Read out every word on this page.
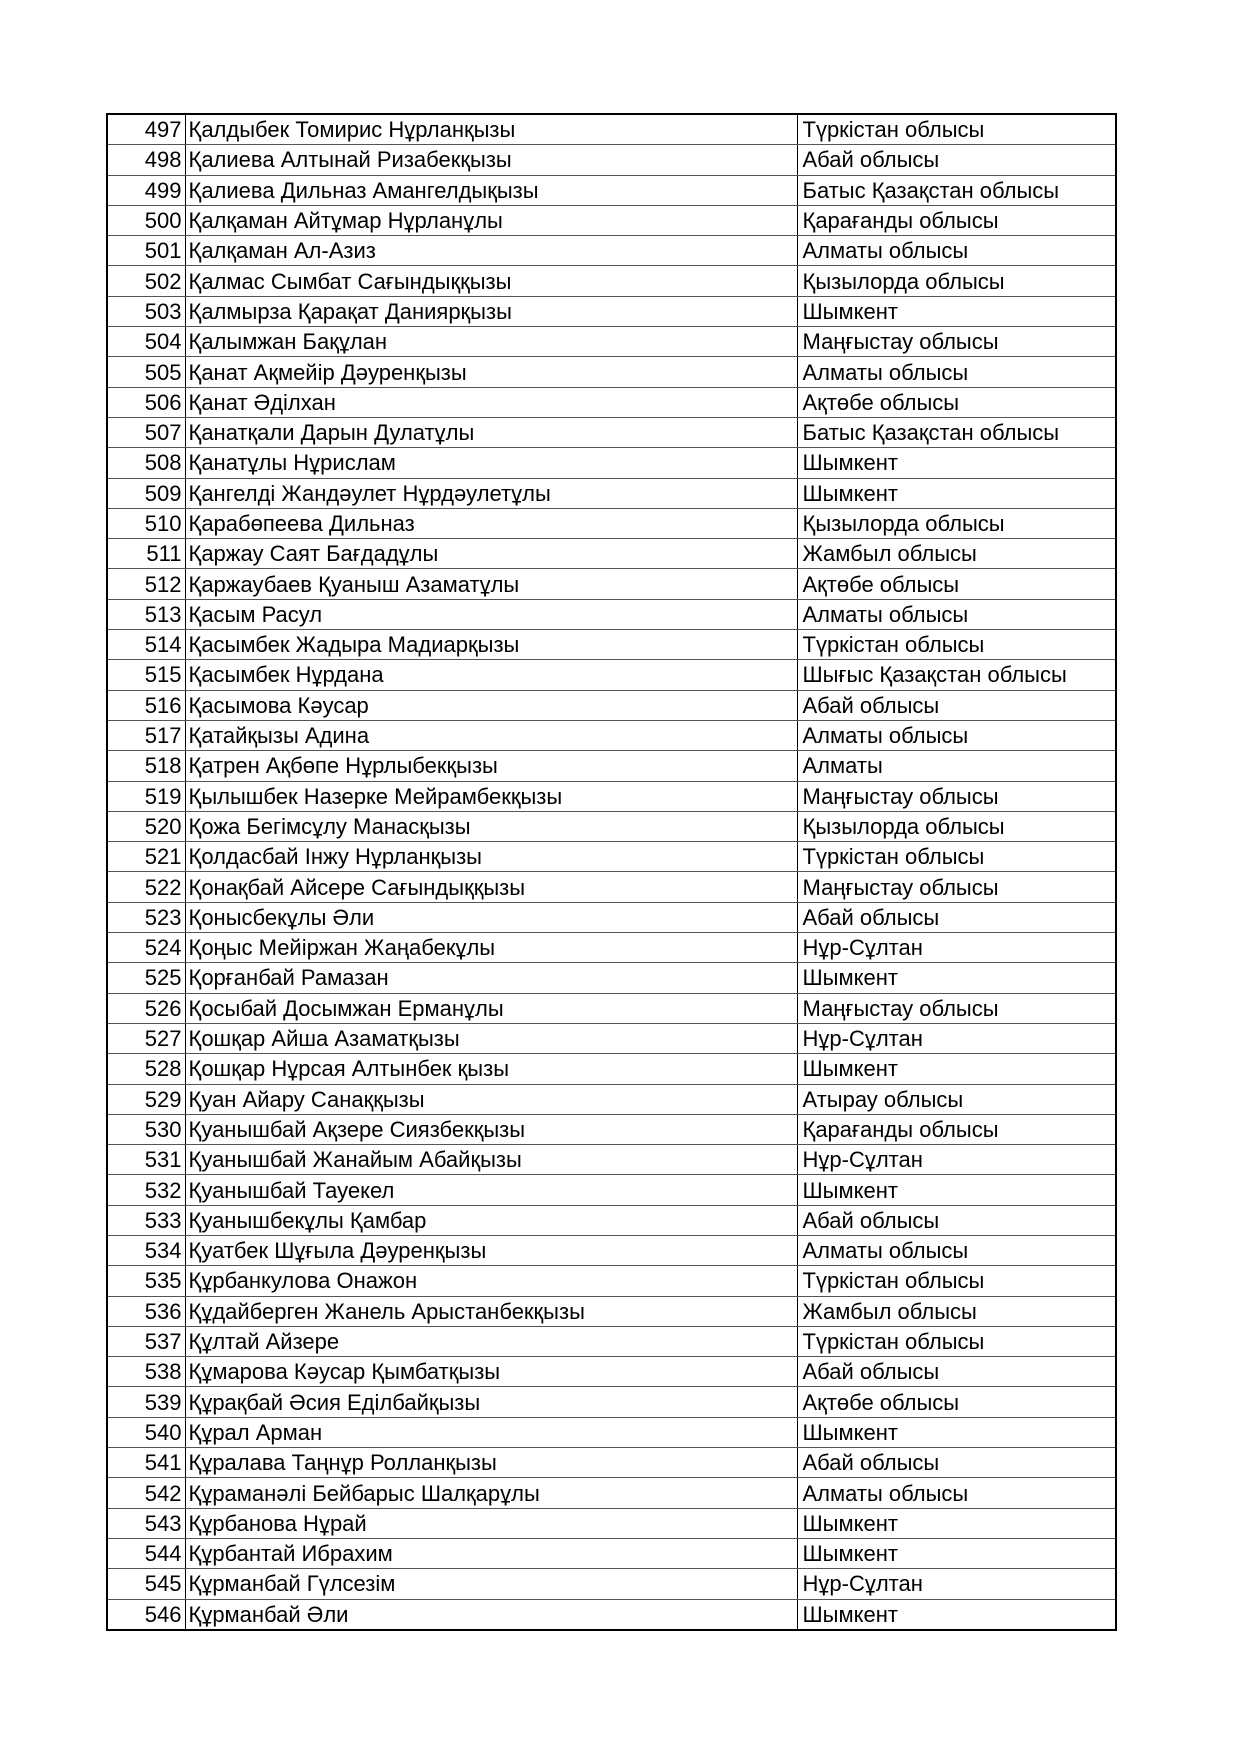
497	Қалдыбек Томирис Нұрланқызы	Түркістан облысы
498	Қалиева Алтынай Ризабекқызы	Абай облысы
499	Қалиева Дильназ Амангелдықызы	Батыс Қазақстан облысы
500	Қалқаман Айтұмар Нұрланұлы	Қарағанды облысы
501	Қалқаман Ал-Азиз	Алматы облысы
502	Қалмас Сымбат Сағындыққызы	Қызылорда облысы
503	Қалмырза Қарақат Даниярқызы	Шымкент
504	Қалымжан Бақұлан	Маңғыстау облысы
505	Қанат Ақмейір Дәуренқызы	Алматы облысы
506	Қанат Әділхан	Ақтөбе облысы
507	Қанатқали Дарын Дулатұлы	Батыс Қазақстан облысы
508	Қанатұлы Нұрислам	Шымкент
509	Қангелді Жандәулет Нұрдәулетұлы	Шымкент
510	Қарабөпеева Дильназ	Қызылорда облысы
511	Қаржау Саят Бағдадұлы	Жамбыл облысы
512	Қаржаубаев Қуаныш Азаматұлы	Ақтөбе облысы
513	Қасым Расул	Алматы облысы
514	Қасымбек Жадыра Мадиарқызы	Түркістан облысы
515	Қасымбек Нұрдана	Шығыс Қазақстан облысы
516	Қасымова Кәусар	Абай облысы
517	Қатайқызы Адина	Алматы облысы
518	Қатрен Ақбөпе Нұрлыбекқызы	Алматы
519	Қылышбек Назерке Мейрамбекқызы	Маңғыстау облысы
520	Қожа Бегімсұлу Манасқызы	Қызылорда облысы
521	Қолдасбай Інжу Нұрланқызы	Түркістан облысы
522	Қонақбай Айсере Сағындыққызы	Маңғыстау облысы
523	Қонысбекұлы Әли	Абай облысы
524	Қоңыс Мейіржан Жаңабекұлы	Нұр-Сұлтан
525	Қорғанбай Рамазан	Шымкент
526	Қосыбай Досымжан Ерманұлы	Маңғыстау облысы
527	Қошқар Айша Азаматқызы	Нұр-Сұлтан
528	Қошқар Нұрсая Алтынбек қызы	Шымкент
529	Қуан Айару Санаққызы	Атырау облысы
530	Қуанышбай Ақзере Сиязбекқызы	Қарағанды облысы
531	Қуанышбай Жанайым Абайқызы	Нұр-Сұлтан
532	Қуанышбай Тауекел	Шымкент
533	Қуанышбекұлы Қамбар	Абай облысы
534	Қуатбек Шұғыла Дәуренқызы	Алматы облысы
535	Құрбанкулова Онажон	Түркістан облысы
536	Құдайберген Жанель Арыстанбекқызы	Жамбыл облысы
537	Құлтай Айзере	Түркістан облысы
538	Құмарова Кәусар Қымбатқызы	Абай облысы
539	Құрақбай Әсия Еділбайқызы	Ақтөбе облысы
540	Құрал Арман	Шымкент
541	Құралава Таңнұр Ролланқызы	Абай облысы
542	Құраманәлі Бейбарыс Шалқарұлы	Алматы облысы
543	Құрбанова Нұрай	Шымкент
544	Құрбантай Ибрахим	Шымкент
545	Құрманбай Гүлсезім	Нұр-Сұлтан
546	Құрманбай Әли	Шымкент
